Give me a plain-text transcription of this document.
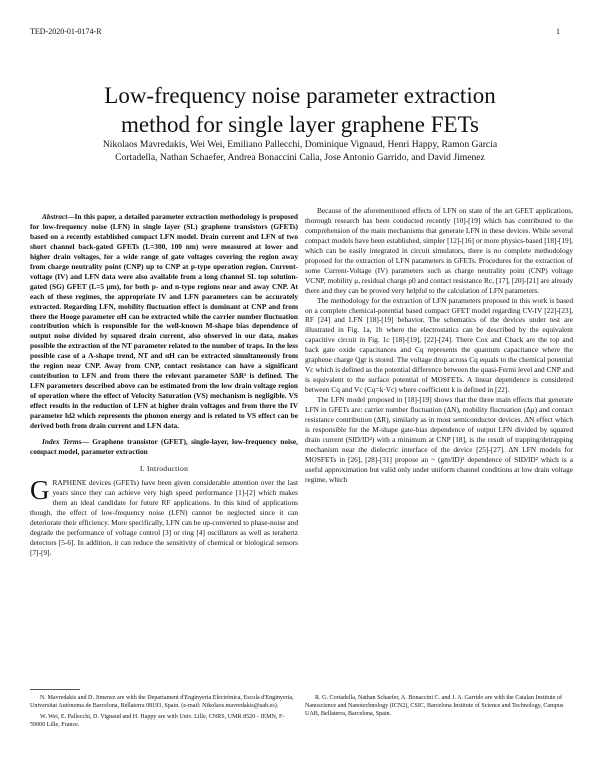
TED-2020-01-0174-R	1
Low-frequency noise parameter extraction method for single layer graphene FETs
Nikolaos Mavredakis, Wei Wei, Emiliano Pallecchi, Dominique Vignaud, Henri Happy, Ramon Garcia Cortadella, Nathan Schaefer, Andrea Bonaccini Calia, Jose Antonio Garrido, and David Jimenez

Abstract—In this paper, a detailed parameter extraction methodology is proposed for low-frequency noise (LFN) in single layer (SL) graphene transistors (GFETs) based on a recently established compact LFN model. Drain current and LFN of two short channel back-gated GFETs (L=300, 100 nm) were measured at lower and higher drain voltages, for a wide range of gate voltages covering the region away from charge neutrality point (CNP) up to CNP at p-type operation region. Current-voltage (IV) and LFN data were also available from a long channel SL top solution-gated (SG) GFET (L=5 μm), for both p- and n-type regions near and away CNP. At each of these regimes, the appropriate IV and LFN parameters can be accurately extracted. Regarding LFN, mobility fluctuation effect is dominant at CNP and from there the Hooge parameter αH can be extracted while the carrier number fluctuation contribution which is responsible for the well-known M-shape bias dependence of output noise divided by squared drain current, also observed in our data, makes possible the extraction of the NT parameter related to the number of traps. In the less possible case of a Λ-shape trend, NT and αH can be extracted simultaneously from the region near CNP. Away from CNP, contact resistance can have a significant contribution to LFN and from there the relevant parameter SΔR² is defined. The LFN parameters described above can be estimated from the low drain voltage region of operation where the effect of Velocity Saturation (VS) mechanism is negligible. VS effect results in the reduction of LFN at higher drain voltages and from there the IV parameter hΩ which represents the phonon energy and is related to VS effect can be derived both from drain current and LFN data.

Index Terms— Graphene transistor (GFET), single-layer, low-frequency noise, compact model, parameter extraction

I. Introduction

GRAPHENE devices (GFETs) have been given considerable attention over the last years since they can achieve very high speed performance [1]-[2] which makes them an ideal candidate for future RF applications. In this kind of applications though, the effect of low-frequency noise (LFN) cannot be neglected since it can deteriorate their efficiency. More specifically, LFN can be up-converted to phase-noise and degrade the performance of voltage control [3] or ring [4] oscillators as well as terahertz detectors [5-6]. In addition, it can reduce the sensitivity of chemical or biological sensors [7]-[9].

Because of the aforementioned effects of LFN on state of the art GFET applications, thorough research has been conducted recently [10]-[19] which has contributed to the comprehension of the main mechanisms that generate LFN in these devices. While several compact models have been established, simpler [12]-[16] or more physics-based [18]-[19], which can be easily integrated in circuit simulators, there is no complete methodology proposed for the extraction of LFN parameters in GFETs. Procedures for the extraction of some Current-Voltage (IV) parameters such as charge neutrality point (CNP) voltage VCNP, mobility μ, residual charge ρ0 and contact resistance Rc, [17], [20]-[21] are already there and they can be proved very helpful to the calculation of LFN parameters.

The methodology for the extraction of LFN parameters proposed in this work is based on a complete chemical-potential based compact GFET model regarding CV-IV [22]-[23], RF [24] and LFN [18]-[19] behavior. The schematics of the devices under test are illustrated in Fig. 1a, 1b where the electrostatics can be described by the equivalent capacitive circuit in Fig. 1c [18]-[19], [22]-[24]. There Cox and Cback are the top and back gate oxide capacitances and Cq represents the quantum capacitance where the graphene charge Qgr is stored. The voltage drop across Cq equals to the chemical potential Vc which is defined as the potential difference between the quasi-Fermi level and CNP and is equivalent to the surface potential of MOSFETs. A linear dependence is considered between Cq and Vc (Cq=k·Vc) where coefficient k is defined in [22].

The LFN model proposed in [18]-[19] shows that the three main effects that generate LFN in GFETs are: carrier number fluctuation (ΔN), mobility fluctuation (Δμ) and contact resistance contribution (ΔR), similarly as in most semiconductor devices. ΔN effect which is responsible for the M-shape gate-bias dependence of output LFN divided by squared drain current (SID/ID²) with a minimum at CNP [18], is the result of trapping/detrapping mechanism near the dielectric interface of the device [25]-[27]. ΔN LFN models for MOSFETs in [26], [28]-[31] propose an ~ (gm/ID)² dependence of SID/ID² which is a useful approximation but valid only under uniform channel conditions at low drain voltage regime, which

N. Mavredakis and D. Jimenez are with the Departament d'Enginyeria Electrònica, Escola d'Enginyeria, Universitat Autònoma de Barcelona, Bellaterra 08193, Spain. (e-mail: Nikolaos.mavredakis@uab.es).

W. Wei, E. Pallecchi, D. Vignaud and H. Happy are with Univ. Lille, CNRS, UMR 8520 - IEMN, F-59000 Lille, France.

R. G. Cortadella, Nathan Schaefer, A. Bonaccini C. and J. A. Garrido are with the Catalan Institute of Nanoscience and Nanotechnology (ICN2), CSIC, Barcelona Institute of Science and Technology, Campus UAB, Bellaterra, Barcelona, Spain.
